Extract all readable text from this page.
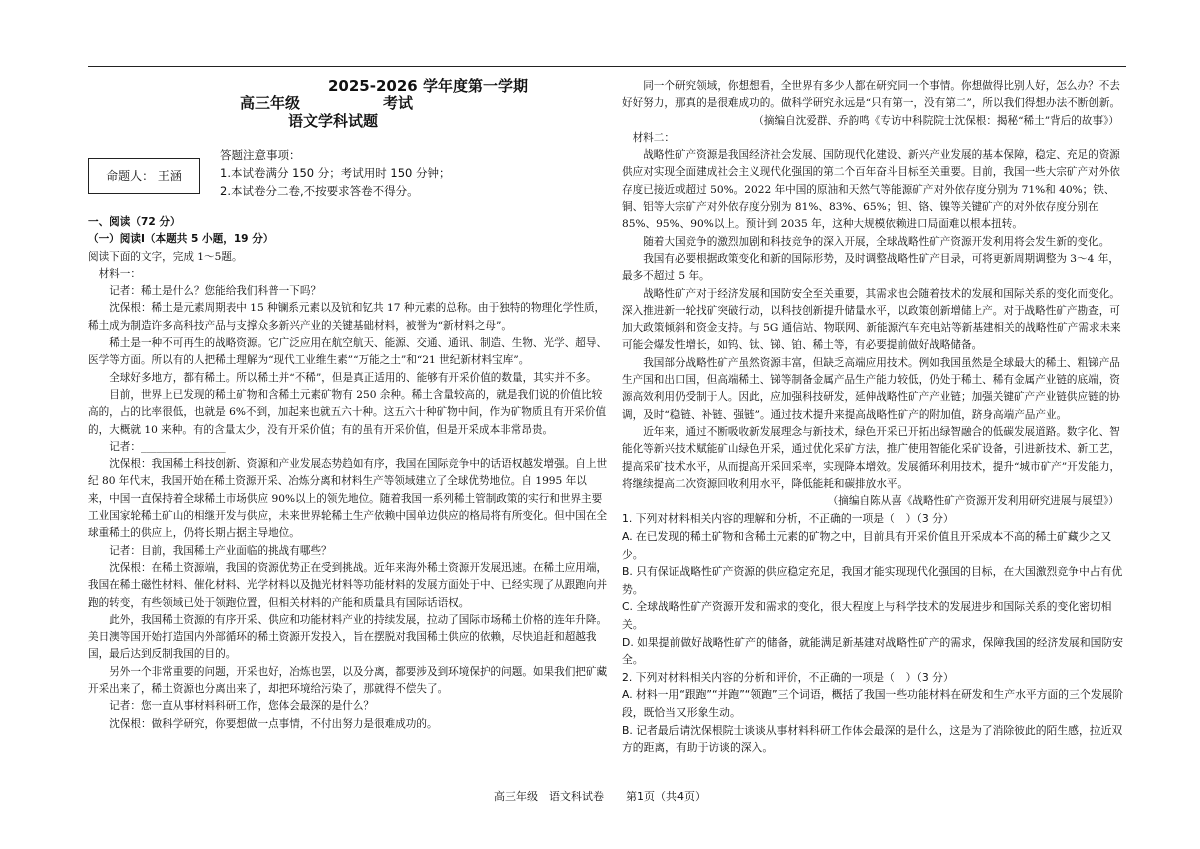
2025-2026 学年度第一学期
高三年级	考试
语文学科试题
命题人： 王涵
答题注意事项：
1.本试卷满分 150 分；考试用时 150 分钟；
2.本试卷分二卷,不按要求答卷不得分。

一、阅读（72 分）

（一）阅读Ⅰ（本题共 5 小题，19 分）

阅读下面的文字，完成 1～5题。

材料一：

记者：稀土是什么？您能给我们科普一下吗？

沈保根：稀土是元素周期表中 15 种镧系元素以及钪和钇共 17 种元素的总称。由于独特的物理化学性质，稀土成为制造许多高科技产品与支撑众多新兴产业的关键基础材料，被誉为“新材料之母”。

稀土是一种不可再生的战略资源。它广泛应用在航空航天、能源、交通、通讯、制造、生物、光学、超导、医学等方面。所以有的人把稀土理解为“现代工业维生素”“万能之土”和“21 世纪新材料宝库”。

全球好多地方，都有稀土。所以稀土并“不稀”，但是真正适用的、能够有开采价值的数量，其实并不多。

目前，世界上已发现的稀土矿物和含稀土元素矿物有 250 余种。稀土含量较高的，就是我们说的价值比较高的，占的比率很低，也就是 6%不到，加起来也就五六十种。这五六十种矿物中间，作为矿物质且有开采价值的，大概就 10 来种。有的含量太少，没有开采价值；有的虽有开采价值，但是开采成本非常昂贵。

记者：________________

沈保根：我国稀土科技创新、资源和产业发展态势趋如有序，我国在国际竞争中的话语权越发增强。自上世纪 80 年代末，我国开始在稀土资源开采、冶炼分离和材料生产等领域建立了全球优势地位。自 1995 年以来，中国一直保持着全球稀土市场供应 90%以上的领先地位。随着我国一系列稀土管制政策的实行和世界主要工业国家轮稀土矿山的相继开发与供应，未来世界轮稀土生产依赖中国单边供应的格局将有所变化。但中国在全球重稀土的供应上，仍将长期占据主导地位。

记者：目前，我国稀土产业面临的挑战有哪些？

沈保根：在稀土资源端，我国的资源优势正在受到挑战。近年来海外稀土资源开发展迅速。在稀土应用端，我国在稀土磁性材料、催化材料、光学材料以及抛光材料等功能材料的发展方面处于中、已经实现了从跟跑向并跑的转变，有些领域已处于领跑位置，但相关材料的产能和质量具有国际话语权。

此外，我国稀土资源的有序开采、供应和功能材料产业的持续发展，拉动了国际市场稀土价格的连年升降。美日澳等国开始打造国内外部循环的稀土资源开发投入，旨在摆脱对我国稀土供应的依赖，尽快追赶和超越我国，最后达到反制我国的目的。

另外一个非常重要的问题，开采也好，冶炼也罢，以及分离，都要涉及到环境保护的问题。如果我们把矿藏开采出来了，稀土资源也分离出来了，却把环境给污染了，那就得不偿失了。

记者：您一直从事材料科研工作，您体会最深的是什么？

沈保根：做科学研究，你要想做一点事情，不付出努力是很难成功的。

同一个研究领域，你想想看，全世界有多少人都在研究同一个事情。你想做得比别人好，怎么办？不去好好努力，那真的是很难成功的。做科学研究永远是“只有第一，没有第二”，所以我们得想办法不断创新。

（摘编自沈爱群、乔韵鸣《专访中科院院士沈保根：揭秘“稀土”背后的故事》）

材料二：

战略性矿产资源是我国经济社会发展、国防现代化建设、新兴产业发展的基本保障，稳定、充足的资源供应对实现全面建成社会主义现代化强国的第二个百年奋斗目标至关重要。目前，我国一些大宗矿产对外依存度已接近或超过 50%。2022 年中国的原油和天然气等能源矿产对外依存度分别为 71%和 40%；铁、铜、铝等大宗矿产对外依存度分别为 81%、83%、65%；钽、铬、镍等关键矿产的对外依存度分别在 85%、95%、90%以上。预计到 2035 年，这种大规模依赖进口局面难以根本扭转。

随着大国竞争的激烈加剧和科技竞争的深入开展，全球战略性矿产资源开发利用将会发生新的变化。

我国有必要根据政策变化和新的国际形势，及时调整战略性矿产目录，可将更新周期调整为 3～4 年，最多不超过 5 年。

战略性矿产对于经济发展和国防安全至关重要，其需求也会随着技术的发展和国际关系的变化而变化。深入推进新一轮找矿突破行动，以科技创新提升储量水平，以政策创新增储上产。对于战略性矿产勘查，可加大政策倾斜和资金支持。与 5G 通信站、物联网、新能源汽车充电站等新基建相关的战略性矿产需求未来可能会爆发性增长，如钨、钛、锑、铂、稀土等，有必要提前做好战略储备。

我国部分战略性矿产虽然资源丰富，但缺乏高端应用技术。例如我国虽然是全球最大的稀土、粗锑产品生产国和出口国，但高端稀土、锑等制备金属产品生产能力较低，仍处于稀土、稀有金属产业链的底端，资源高效利用仍受制于人。因此，应加强科技研发，延伸战略性矿产产业链；加强关键矿产产业链供应链的协调，及时“稳链、补链、强链”。通过技术提升来提高战略性矿产的附加值，跻身高端产品产业。

近年来，通过不断吸收新发展理念与新技术，绿色开采已开拓出绿智融合的低碳发展道路。数字化、智能化等新兴技术赋能矿山绿色开采，通过优化采矿方法，推广使用智能化采矿设备，引进新技术、新工艺，提高采矿技术水平，从而提高开采回采率，实现降本增效。发展循环利用技术，提升“城市矿产”开发能力，将继续提高二次资源回收利用水平，降低能耗和碳排放水平。

（摘编自陈从喜《战略性矿产资源开发利用研究进展与展望》）

1. 下列对材料相关内容的理解和分析，不正确的一项是（　）（3 分）

A. 在已发现的稀土矿物和含稀土元素的矿物之中，目前具有开采价值且开采成本不高的稀土矿藏少之又少。

B. 只有保证战略性矿产资源的供应稳定充足，我国才能实现现代化强国的目标，在大国激烈竞争中占有优势。

C. 全球战略性矿产资源开发和需求的变化，很大程度上与科学技术的发展进步和国际关系的变化密切相关。

D. 如果提前做好战略性矿产的储备，就能满足新基建对战略性矿产的需求，保障我国的经济发展和国防安全。

2. 下列对材料相关内容的分析和评价，不正确的一项是（　）（3 分）

A. 材料一用“跟跑”“并跑”“领跑”三个词语，概括了我国一些功能材料在研发和生产水平方面的三个发展阶段，既恰当又形象生动。

B. 记者最后请沈保根院士谈谈从事材料科研工作体会最深的是什么，这是为了消除彼此的陌生感，拉近双方的距离，有助于访谈的深入。

高三年级　语文科试卷　　第1页（共4页）
